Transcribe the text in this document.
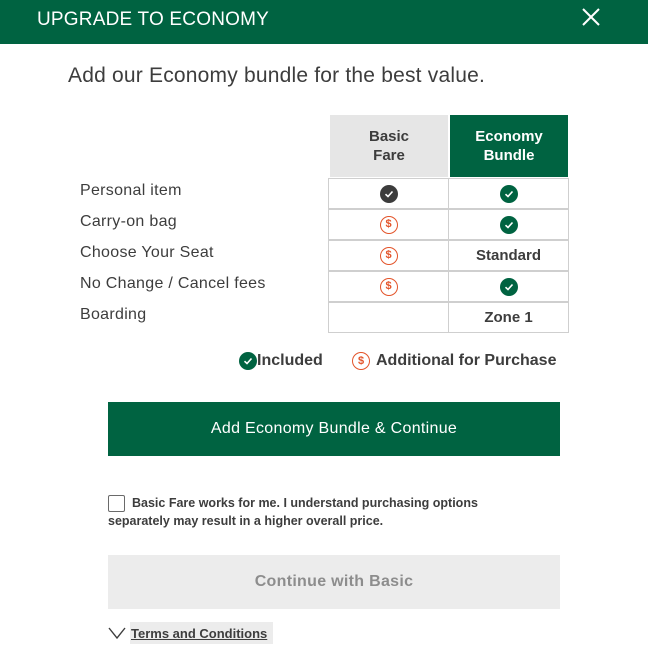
UPGRADE TO ECONOMY
Add our Economy bundle for the best value.
Basic
Fare
Economy
Bundle
Personal item
Carry-on bag
Choose Your Seat
No Change / Cancel fees
Boarding
$
$	Standard
$
Zone 1
Included	$ Additional for Purchase
Add Economy Bundle & Continue
Basic Fare works for me. I understand purchasing options separately may result in a higher overall price.
Continue with Basic
Terms and Conditions
